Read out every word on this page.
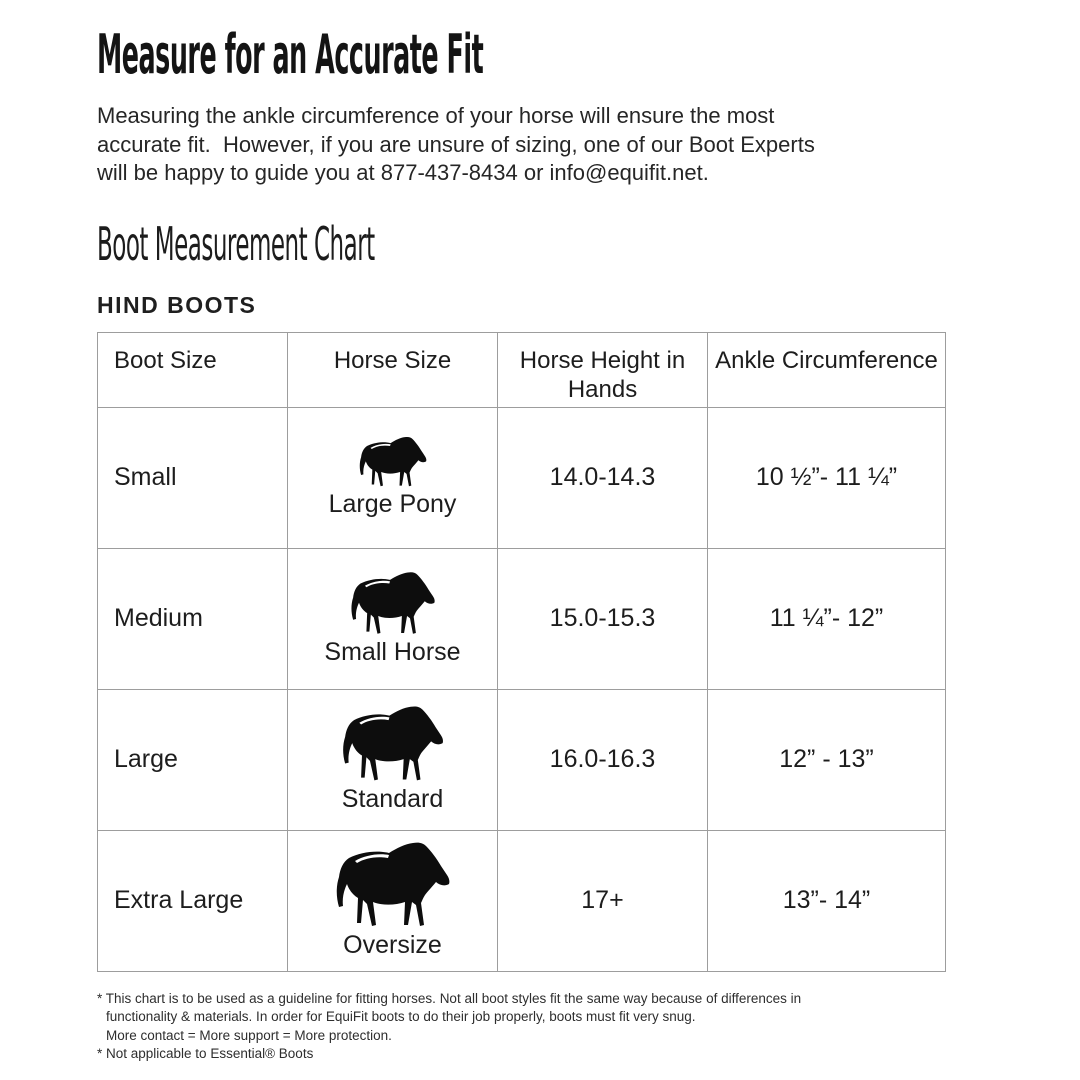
Measure for an Accurate Fit
Measuring the ankle circumference of your horse will ensure the most
accurate fit.  However, if you are unsure of sizing, one of our Boot Experts
will be happy to guide you at 877-437-8434 or info@equifit.net.
Boot Measurement Chart
HIND BOOTS
Boot Size	Horse Size	Horse Height in Hands	Ankle Circumference
Small	Large Pony	14.0-14.3	10 ½”- 11 ¼”
Medium	Small Horse	15.0-15.3	11 ¼”- 12”
Large	Standard	16.0-16.3	12” - 13”
Extra Large	Oversize	17+	13”- 14”
* This chart is to be used as a guideline for fitting horses. Not all boot styles fit the same way because of differences in
functionality & materials. In order for EquiFit boots to do their job properly, boots must fit very snug.
More contact = More support = More protection.
* Not applicable to Essential® Boots
